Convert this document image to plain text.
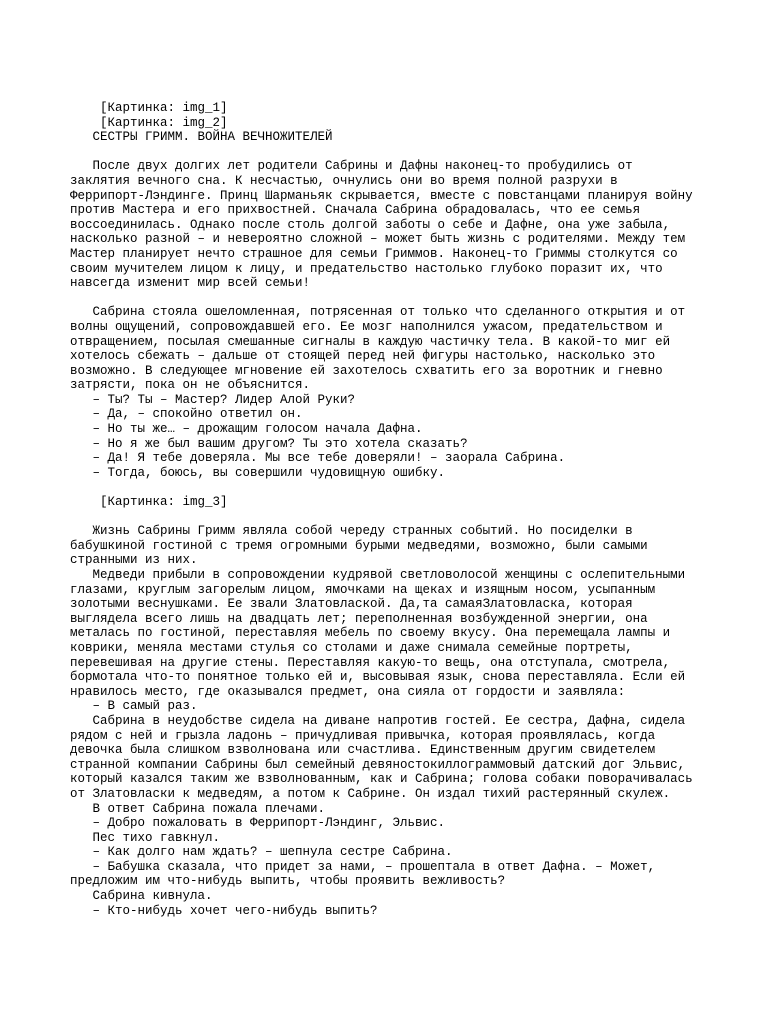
[Картинка: img_1]

[Картинка: img_2]

СЕСТРЫ ГРИММ. ВОЙНА ВЕЧНОЖИТЕЛЕЙ

После двух долгих лет родители Сабрины и Дафны наконец-то пробудились от

заклятия вечного сна. К несчастью, очнулись они во время полной разрухи в

Феррипорт-Лэндинге. Принц Шарманьяк скрывается, вместе с повстанцами планируя войну

против Мастера и его прихвостней. Сначала Сабрина обрадовалась, что ее семья

воссоединилась. Однако после столь долгой заботы о себе и Дафне, она уже забыла,

насколько разной – и невероятно сложной – может быть жизнь с родителями. Между тем

Мастер планирует нечто страшное для семьи Гриммов. Наконец-то Гриммы столкутся со

своим мучителем лицом к лицу, и предательство настолько глубоко поразит их, что

навсегда изменит мир всей семьи!

Сабрина стояла ошеломленная, потрясенная от только что сделанного открытия и от

волны ощущений, сопровождавшей его. Ее мозг наполнился ужасом, предательством и

отвращением, посылая смешанные сигналы в каждую частичку тела. В какой-то миг ей

хотелось сбежать – дальше от стоящей перед ней фигуры настолько, насколько это

возможно. В следующее мгновение ей захотелось схватить его за воротник и гневно

затрясти, пока он не объяснится.

– Ты? Ты – Мастер? Лидер Алой Руки?

– Да, – спокойно ответил он.

– Но ты же… – дрожащим голосом начала Дафна.

– Но я же был вашим другом? Ты это хотела сказать?

– Да! Я тебе доверяла. Мы все тебе доверяли! – заорала Сабрина.

– Тогда, боюсь, вы совершили чудовищную ошибку.

[Картинка: img_3]

Жизнь Сабрины Гримм являла собой череду странных событий. Но посиделки в

бабушкиной гостиной с тремя огромными бурыми медведями, возможно, были самыми

странными из них.

Медведи прибыли в сопровождении кудрявой светловолосой женщины с ослепительными

глазами, круглым загорелым лицом, ямочками на щеках и изящным носом, усыпанным

золотыми веснушками. Ее звали Златовлаской. Да,та самаяЗлатовласка, которая

выглядела всего лишь на двадцать лет; переполненная возбужденной энергии, она

металась по гостиной, переставляя мебель по своему вкусу. Она перемещала лампы и

коврики, меняла местами стулья со столами и даже снимала семейные портреты,

перевешивая на другие стены. Переставляя какую-то вещь, она отступала, смотрела,

бормотала что-то понятное только ей и, высовывая язык, снова переставляла. Если ей

нравилось место, где оказывался предмет, она сияла от гордости и заявляла:

– В самый раз.

Сабрина в неудобстве сидела на диване напротив гостей. Ее сестра, Дафна, сидела

рядом с ней и грызла ладонь – причудливая привычка, которая проявлялась, когда

девочка была слишком взволнована или счастлива. Единственным другим свидетелем

странной компании Сабрины был семейный девяностокиллограммовый датский дог Эльвис,

который казался таким же взволнованным, как и Сабрина; голова собаки поворачивалась

от Златовласки к медведям, а потом к Сабрине. Он издал тихий растерянный скулеж.

В ответ Сабрина пожала плечами.

– Добро пожаловать в Феррипорт-Лэндинг, Эльвис.

Пес тихо гавкнул.

– Как долго нам ждать? – шепнула сестре Сабрина.

– Бабушка сказала, что придет за нами, – прошептала в ответ Дафна. – Может,

предложим им что-нибудь выпить, чтобы проявить вежливость?

Сабрина кивнула.

– Кто-нибудь хочет чего-нибудь выпить?
